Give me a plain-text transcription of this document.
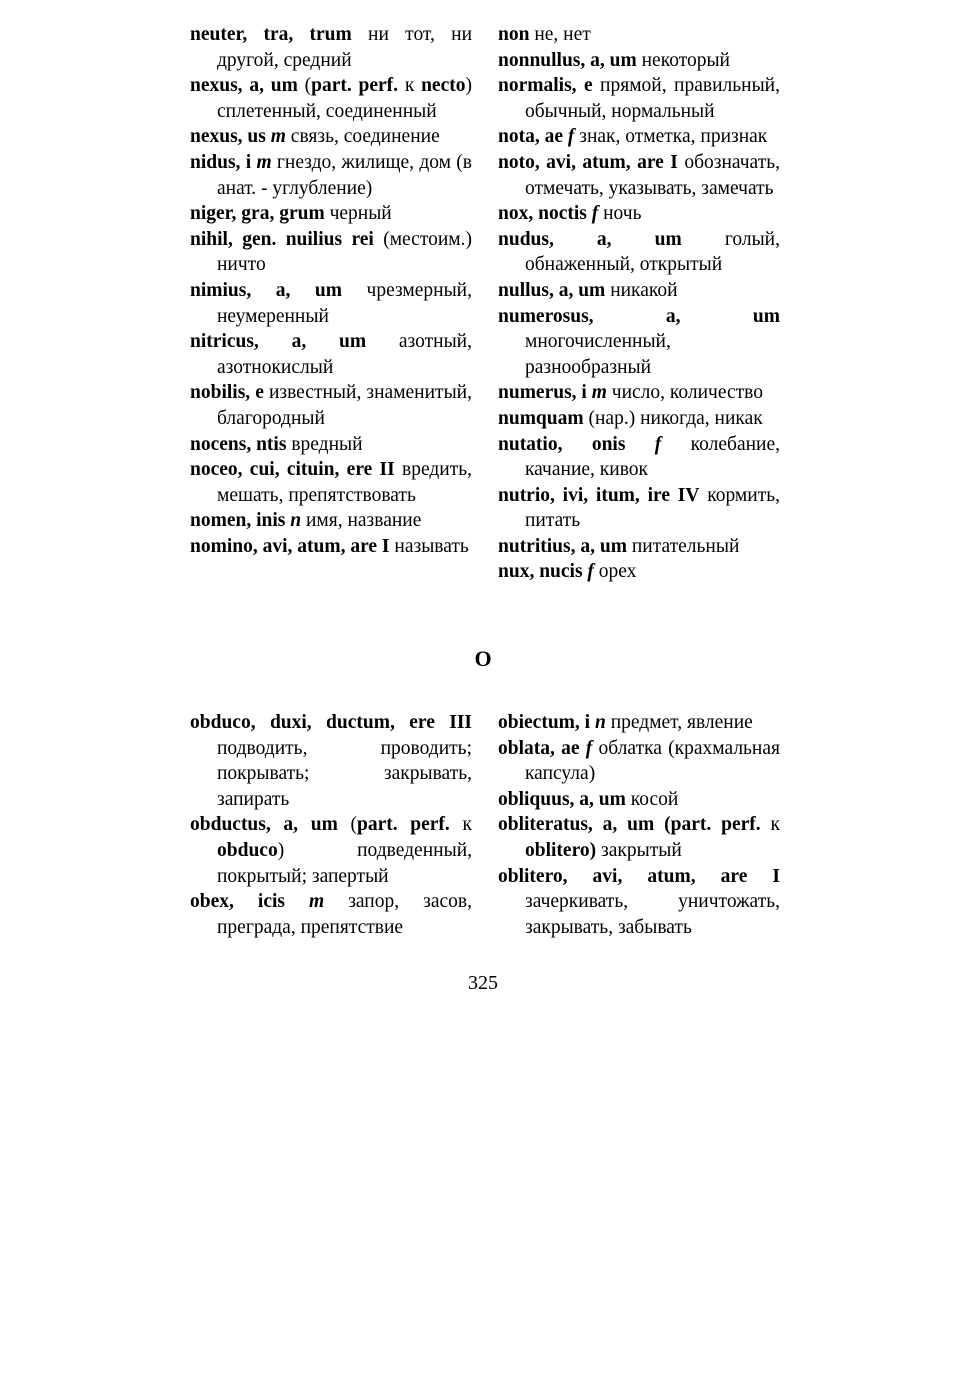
neuter, tra, trum ни тот, ни другой, средний

nexus, a, um (part. perf. к necto) сплетенный, соединенный

nexus, us m связь, соединение

nidus, i m гнездо, жилище, дом (в анат. - углубление)

niger, gra, grum черный

nihil, gen. nuilius rei (местоим.) ничто

nimius, a, um чрезмерный, неумеренный

nitricus, a, um азотный, азотнокислый

nobilis, e известный, знаменитый, благородный

nocens, ntis вредный

noceo, cui, cituin, ere II вредить, мешать, препятствовать

nomen, inis n имя, название

nomino, avi, atum, are I называть

non не, нет

nonnullus, a, um некоторый

normalis, e прямой, правильный, обычный, нормальный

nota, ae f знак, отметка, признак

noto, avi, atum, are I обозначать, отмечать, указывать, замечать

nox, noctis f ночь

nudus, a, um голый, обнаженный, открытый

nullus, a, um никакой

numerosus, a, um многочисленный, разнообразный

numerus, i m число, количество

numquam (нар.) никогда, никак

nutatio, onis f колебание, качание, кивок

nutrio, ivi, itum, ire IV кормить, питать

nutritius, a, um питательный

nux, nucis f орех

O

obduco, duxi, ductum, ere III подводить, проводить; покрывать; закрывать, запирать

obductus, a, um (part. perf. к obduco) подведенный, покрытый; запертый

obex, icis m запор, засов, преграда, препятствие

obiectum, i n предмет, явление

oblata, ae f облатка (крахмальная капсула)

obliquus, a, um косой

obliteratus, a, um (part. perf. к oblitero) закрытый

oblitero, avi, atum, are I зачеркивать, уничтожать, закрывать, забывать

325
